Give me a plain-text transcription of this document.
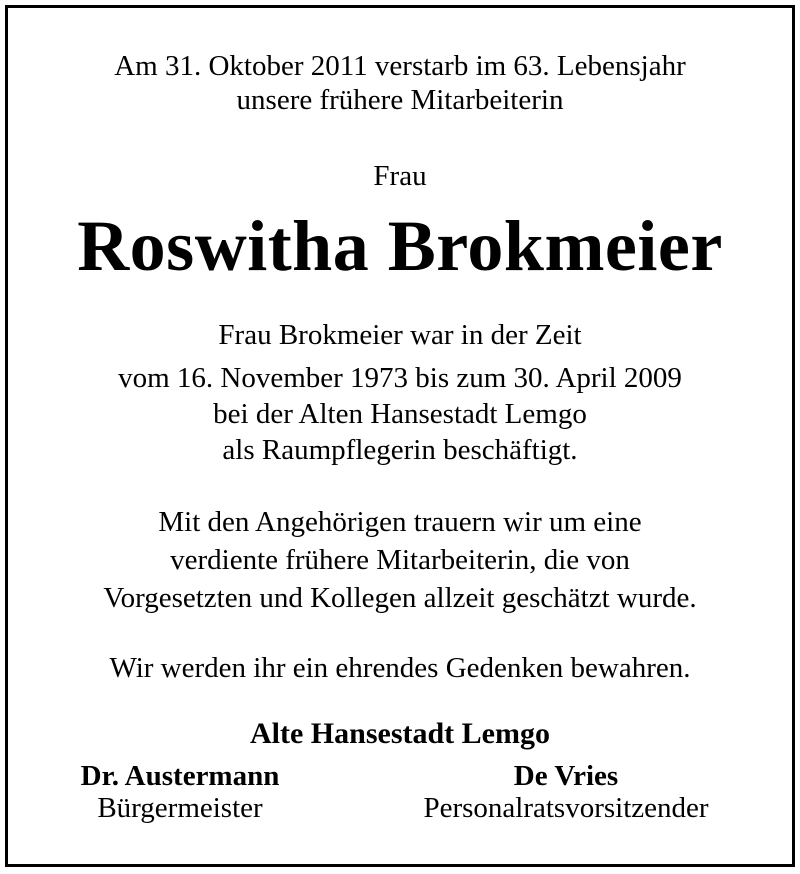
Am 31. Oktober 2011 verstarb im 63. Lebensjahr
unsere frühere Mitarbeiterin
Frau
Roswitha Brokmeier
Frau Brokmeier war in der Zeit
vom 16. November 1973 bis zum 30. April 2009
bei der Alten Hansestadt Lemgo
als Raumpflegerin beschäftigt.
Mit den Angehörigen trauern wir um eine
verdiente frühere Mitarbeiterin, die von
Vorgesetzten und Kollegen allzeit geschätzt wurde.
Wir werden ihr ein ehrendes Gedenken bewahren.
Alte Hansestadt Lemgo
Dr. Austermann
Bürgermeister
De Vries
Personalratsvorsitzender
